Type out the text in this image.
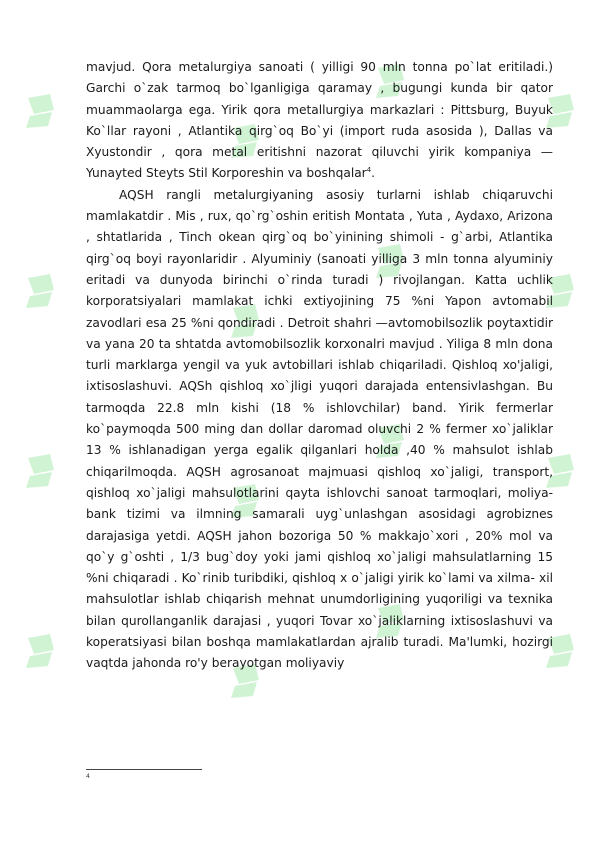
mavjud. Qora metalurgiya sanoati ( yilligi 90 mln tonna po`lat eritiladi.) Garchi o`zak tarmoq bo`lganligiga qaramay , bugungi kunda bir qator muammaolarga ega. Yirik qora metallurgiya markazlari : Pittsburg, Buyuk Ko`llar rayoni , Atlantika qirg`oq Bo`yi (import ruda asosida ), Dallas va Xyustondir , qora metal eritishni nazorat qiluvchi yirik kompaniya —Yunayted Steyts Stil Korporeshin va boshqalar$^4$.

AQSH rangli metalurgiyaning asosiy turlarni ishlab chiqaruvchi mamlakatdir . Mis , rux, qo`rg`oshin eritish Montata , Yuta , Aydaxo, Arizona , shtatlarida , Tinch okean qirg`oq bo`yinining shimoli - g`arbi, Atlantika qirg`oq boyi rayonlaridir . Alyuminiy (sanoati yilliga 3 mln tonna alyuminiy eritadi va dunyoda birinchi o`rinda turadi ) rivojlangan. Katta uchlik korporatsiyalari mamlakat ichki extiyojining 75 %ni Yapon avtomabil zavodlari esa 25 %ni qondiradi . Detroit shahri —avtomobilsozlik poytaxtidir va yana 20 ta shtatda avtomobilsozlik korxonalri mavjud . Yiliga 8 mln dona turli marklarga yengil va yuk avtobillari ishlab chiqariladi. Qishloq xo'jaligi, ixtisoslashuvi. AQSh qishloq xo`jligi yuqori darajada entensivlashgan. Bu tarmoqda 22.8 mln kishi (18 % ishlovchilar) band. Yirik fermerlar ko`paymoqda 500 ming dan dollar daromad oluvchi 2 % fermer xo`jaliklar 13 % ishlanadigan yerga egalik qilganlari holda ,40 % mahsulot ishlab chiqarilmoqda. AQSH agrosanoat majmuasi qishloq xo`jaligi, transport, qishloq xo`jaligi mahsulotlarini qayta ishlovchi sanoat tarmoqlari, moliya-bank tizimi va ilmning samarali uyg`unlashgan asosidagi agrobiznes darajasiga yetdi. AQSH jahon bozoriga 50 % makkajo`xori , 20% mol va qo`y g`oshti , 1/3 bug`doy yoki jami qishloq xo`jaligi mahsulatlarning 15 %ni chiqaradi . Ko`rinib turibdiki, qishloq x o`jaligi yirik ko`lami va xilma- xil mahsulotlar ishlab chiqarish mehnat unumdorligining yuqoriligi va texnika bilan qurollanganlik darajasi , yuqori Tovar xo`jaliklarning ixtisoslashuvi va koperatsiyasi bilan boshqa mamlakatlardan ajralib turadi. Ma'lumki, hozirgi vaqtda jahonda ro'y berayotgan moliyaviy

4
